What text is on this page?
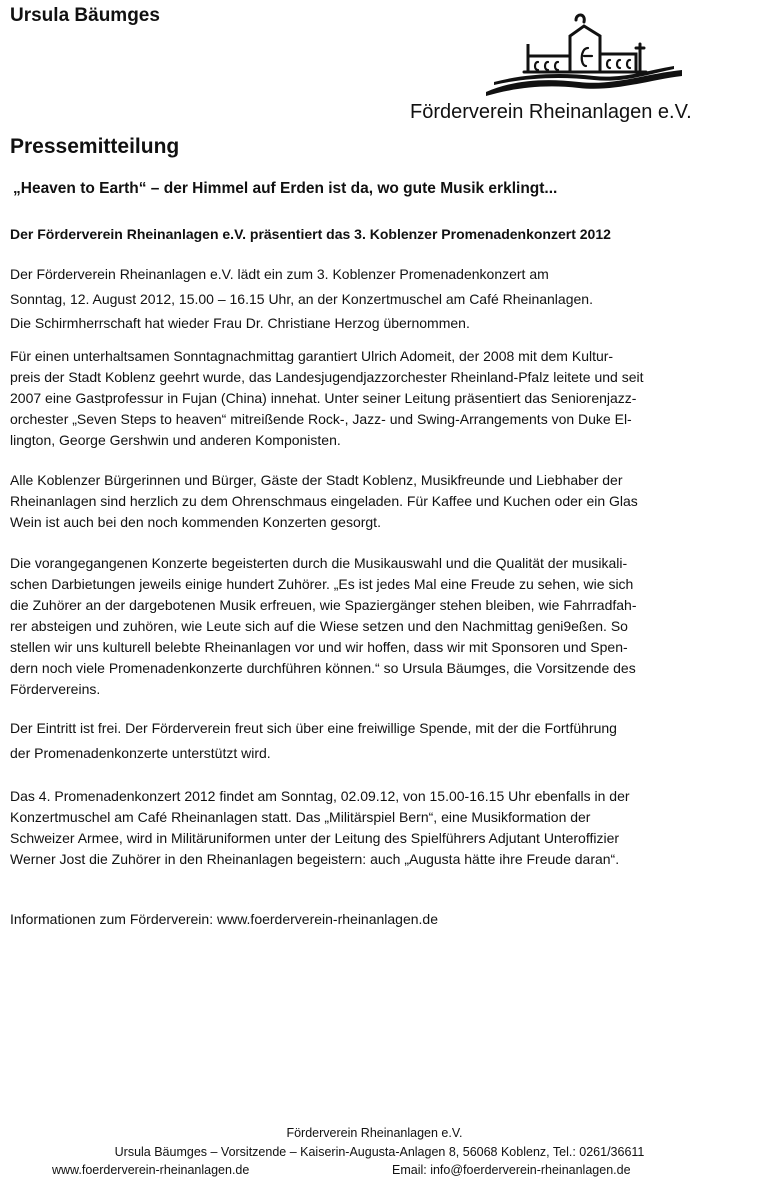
Ursula Bäumges
Förderverein Rheinanlagen e.V.
Pressemitteilung
„Heaven to Earth“ – der Himmel auf Erden ist da, wo gute Musik erklingt...
Der Förderverein Rheinanlagen e.V. präsentiert das 3. Koblenzer Promenadenkonzert 2012
Der Förderverein Rheinanlagen e.V. lädt ein zum 3. Koblenzer Promenadenkonzert am
Sonntag, 12. August 2012, 15.00 – 16.15 Uhr, an der Konzertmuschel am Café Rheinanlagen.
Die Schirmherrschaft hat wieder Frau Dr. Christiane Herzog übernommen.
Für einen unterhaltsamen Sonntagnachmittag garantiert Ulrich Adomeit, der 2008 mit dem Kultur-
preis der Stadt Koblenz geehrt wurde, das Landesjugendjazzorchester Rheinland-Pfalz leitete und seit
2007 eine Gastprofessur in Fujan (China) innehat. Unter seiner Leitung präsentiert das Seniorenjazz-
orchester „Seven Steps to heaven“ mitreißende Rock-, Jazz- und Swing-Arrangements von Duke El-
lington, George Gershwin und anderen Komponisten.
Alle Koblenzer Bürgerinnen und Bürger, Gäste der Stadt Koblenz, Musikfreunde und Liebhaber der
Rheinanlagen sind herzlich zu dem Ohrenschmaus eingeladen. Für Kaffee und Kuchen oder ein Glas
Wein ist auch bei den noch kommenden Konzerten gesorgt.
Die vorangegangenen Konzerte begeisterten durch die Musikauswahl und die Qualität der musikali-
schen Darbietungen jeweils einige hundert Zuhörer. „Es ist jedes Mal eine Freude zu sehen, wie sich
die Zuhörer an der dargebotenen Musik erfreuen, wie Spaziergänger stehen bleiben, wie Fahrradfah-
rer absteigen und zuhören, wie Leute sich auf die Wiese setzen und den Nachmittag geni9eßen. So
stellen wir uns kulturell belebte Rheinanlagen vor und wir hoffen, dass wir mit Sponsoren und Spen-
dern noch viele Promenadenkonzerte durchführen können.“ so Ursula Bäumges, die Vorsitzende des
Fördervereins.
Der Eintritt ist frei. Der Förderverein freut sich über eine freiwillige Spende, mit der die Fortführung
der Promenadenkonzerte unterstützt wird.
Das 4. Promenadenkonzert 2012 findet am Sonntag, 02.09.12, von 15.00-16.15 Uhr ebenfalls in der
Konzertmuschel am Café Rheinanlagen statt. Das „Militärspiel Bern“, eine Musikformation der
Schweizer Armee, wird in Militäruniformen unter der Leitung des Spielführers Adjutant Unteroffizier
Werner Jost die Zuhörer in den Rheinanlagen begeistern: auch „Augusta hätte ihre Freude daran“.
Informationen zum Förderverein: www.foerderverein-rheinanlagen.de
Förderverein Rheinanlagen e.V.
Ursula Bäumges – Vorsitzende – Kaiserin-Augusta-Anlagen 8, 56068 Koblenz, Tel.: 0261/36611
www.foerderverein-rheinanlagen.de	Email: info@foerderverein-rheinanlagen.de
